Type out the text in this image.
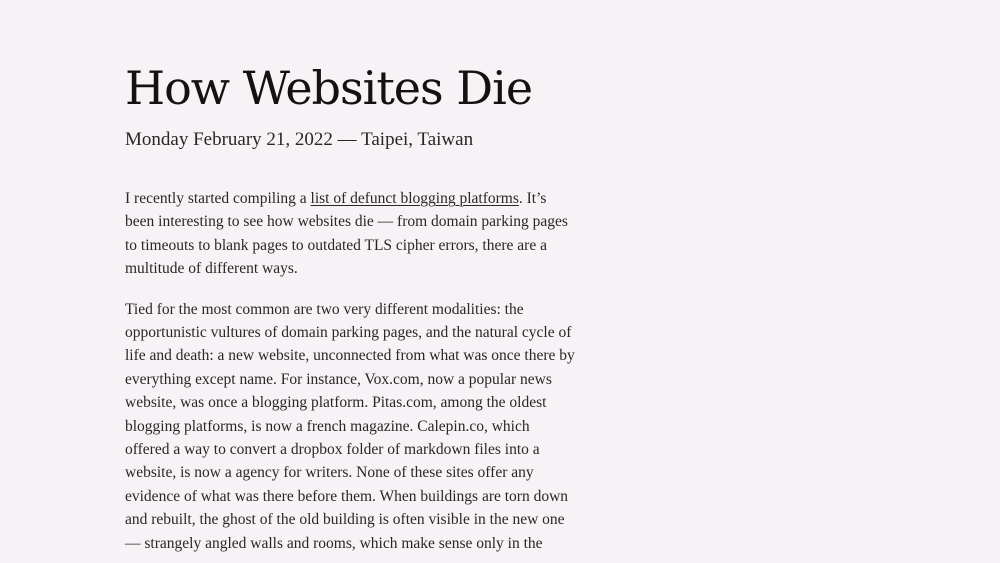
How Websites Die
Monday February 21, 2022 — Taipei, Taiwan

I recently started compiling a list of defunct blogging platforms. It’s
been interesting to see how websites die — from domain parking pages
to timeouts to blank pages to outdated TLS cipher errors, there are a
multitude of different ways.

Tied for the most common are two very different modalities: the
opportunistic vultures of domain parking pages, and the natural cycle of
life and death: a new website, unconnected from what was once there by
everything except name. For instance, Vox.com, now a popular news
website, was once a blogging platform. Pitas.com, among the oldest
blogging platforms, is now a french magazine. Calepin.co, which
offered a way to convert a dropbox folder of markdown files into a
website, is now a agency for writers. None of these sites offer any
evidence of what was there before them. When buildings are torn down
and rebuilt, the ghost of the old building is often visible in the new one
— strangely angled walls and rooms, which make sense only in the
